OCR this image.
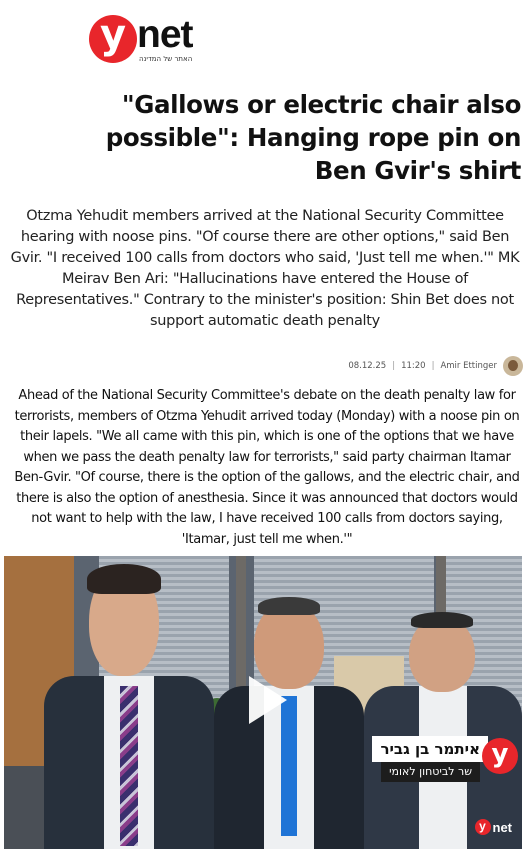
y net
האתר של המדינה
"Gallows or electric chair also possible": Hanging rope pin on Ben Gvir's shirt

Otzma Yehudit members arrived at the National Security Committee hearing with noose pins. "Of course there are other options," said Ben Gvir. "I received 100 calls from doctors who said, 'Just tell me when.'" MK Meirav Ben Ari: "Hallucinations have entered the House of Representatives." Contrary to the minister's position: Shin Bet does not support automatic death penalty

08.12.25 | 11:20 | Amir Ettinger

Ahead of the National Security Committee's debate on the death penalty law for terrorists, members of Otzma Yehudit arrived today (Monday) with a noose pin on their lapels. "We all came with this pin, which is one of the options that we have when we pass the death penalty law for terrorists," said party chairman Itamar Ben-Gvir. "Of course, there is the option of the gallows, and the electric chair, and there is also the option of anesthesia. Since it was announced that doctors would not want to help with the law, I have received 100 calls from doctors saying, 'Itamar, just tell me when.'"

איתמר בן גביר
שר לביטחון לאומי
y
y net
